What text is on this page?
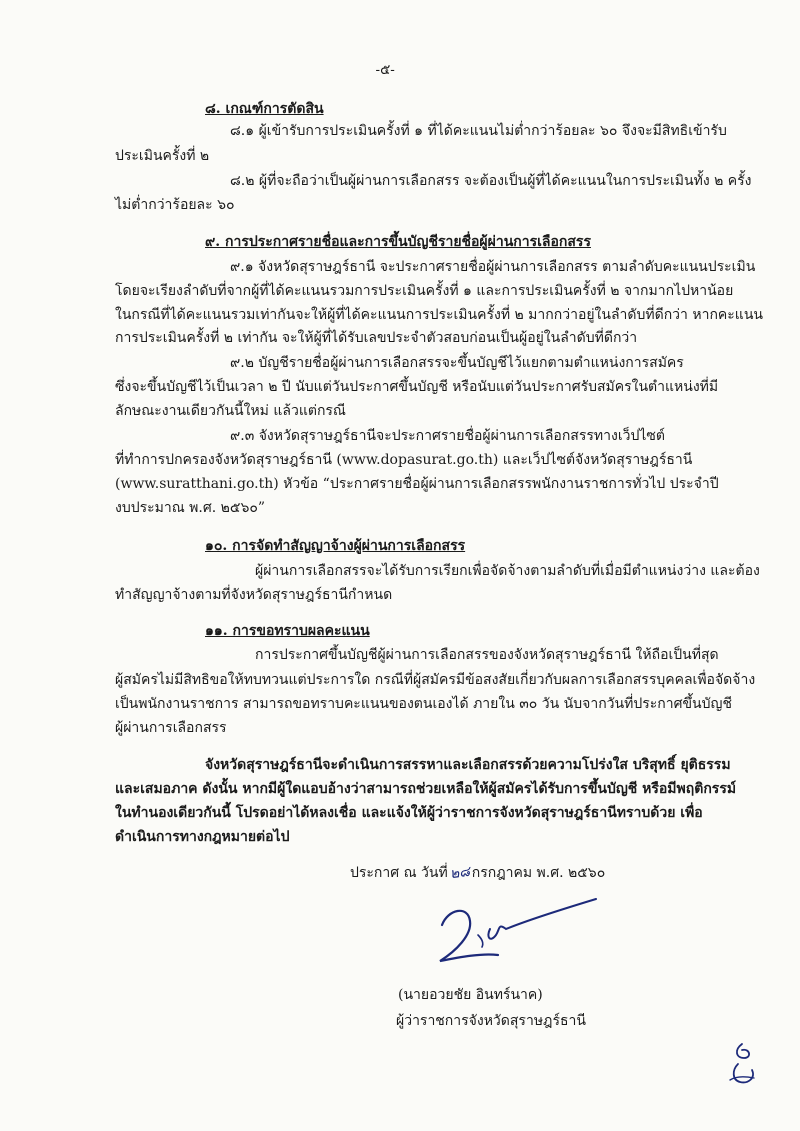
-๕-
๘. เกณฑ์การตัดสิน
๘.๑ ผู้เข้ารับการประเมินครั้งที่ ๑ ที่ได้คะแนนไม่ต่ำกว่าร้อยละ ๖๐ จึงจะมีสิทธิเข้ารับ
ประเมินครั้งที่ ๒
๘.๒ ผู้ที่จะถือว่าเป็นผู้ผ่านการเลือกสรร จะต้องเป็นผู้ที่ได้คะแนนในการประเมินทั้ง ๒ ครั้ง
ไม่ต่ำกว่าร้อยละ ๖๐
๙. การประกาศรายชื่อและการขึ้นบัญชีรายชื่อผู้ผ่านการเลือกสรร
๙.๑ จังหวัดสุราษฎร์ธานี จะประกาศรายชื่อผู้ผ่านการเลือกสรร ตามลำดับคะแนนประเมิน
โดยจะเรียงลำดับที่จากผู้ที่ได้คะแนนรวมการประเมินครั้งที่ ๑ และการประเมินครั้งที่ ๒ จากมากไปหาน้อย
ในกรณีที่ได้คะแนนรวมเท่ากันจะให้ผู้ที่ได้คะแนนการประเมินครั้งที่ ๒ มากกว่าอยู่ในลำดับที่ดีกว่า หากคะแนน
การประเมินครั้งที่ ๒ เท่ากัน จะให้ผู้ที่ได้รับเลขประจำตัวสอบก่อนเป็นผู้อยู่ในลำดับที่ดีกว่า
๙.๒ บัญชีรายชื่อผู้ผ่านการเลือกสรรจะขึ้นบัญชีไว้แยกตามตำแหน่งการสมัคร
ซึ่งจะขึ้นบัญชีไว้เป็นเวลา ๒ ปี นับแต่วันประกาศขึ้นบัญชี หรือนับแต่วันประกาศรับสมัครในตำแหน่งที่มี
ลักษณะงานเดียวกันนี้ใหม่ แล้วแต่กรณี
๙.๓ จังหวัดสุราษฎร์ธานีจะประกาศรายชื่อผู้ผ่านการเลือกสรรทางเว็ปไซต์
ที่ทำการปกครองจังหวัดสุราษฎร์ธานี (www.dopasurat.go.th) และเว็ปไซต์จังหวัดสุราษฎร์ธานี
(www.suratthani.go.th) หัวข้อ “ประกาศรายชื่อผู้ผ่านการเลือกสรรพนักงานราชการทั่วไป ประจำปี
งบประมาณ พ.ศ. ๒๕๖๐”
๑๐. การจัดทำสัญญาจ้างผู้ผ่านการเลือกสรร
ผู้ผ่านการเลือกสรรจะได้รับการเรียกเพื่อจัดจ้างตามลำดับที่เมื่อมีตำแหน่งว่าง และต้อง
ทำสัญญาจ้างตามที่จังหวัดสุราษฎร์ธานีกำหนด
๑๑. การขอทราบผลคะแนน
การประกาศขึ้นบัญชีผู้ผ่านการเลือกสรรของจังหวัดสุราษฎร์ธานี ให้ถือเป็นที่สุด
ผู้สมัครไม่มีสิทธิขอให้ทบทวนแต่ประการใด กรณีที่ผู้สมัครมีข้อสงสัยเกี่ยวกับผลการเลือกสรรบุคคลเพื่อจัดจ้าง
เป็นพนักงานราชการ สามารถขอทราบคะแนนของตนเองได้ ภายใน ๓๐ วัน นับจากวันที่ประกาศขึ้นบัญชี
ผู้ผ่านการเลือกสรร
จังหวัดสุราษฎร์ธานีจะดำเนินการสรรหาและเลือกสรรด้วยความโปร่งใส บริสุทธิ์ ยุติธรรม
และเสมอภาค ดังนั้น หากมีผู้ใดแอบอ้างว่าสามารถช่วยเหลือให้ผู้สมัครได้รับการขึ้นบัญชี หรือมีพฤติกรรม์
ในทำนองเดียวกันนี้ โปรดอย่าได้หลงเชื่อ และแจ้งให้ผู้ว่าราชการจังหวัดสุราษฎร์ธานีทราบด้วย เพื่อ
ดำเนินการทางกฎหมายต่อไป
ประกาศ ณ วันที่๒๘กรกฎาคม พ.ศ. ๒๕๖๐
(นายอวยชัย อินทร์นาค)
ผู้ว่าราชการจังหวัดสุราษฎร์ธานี
